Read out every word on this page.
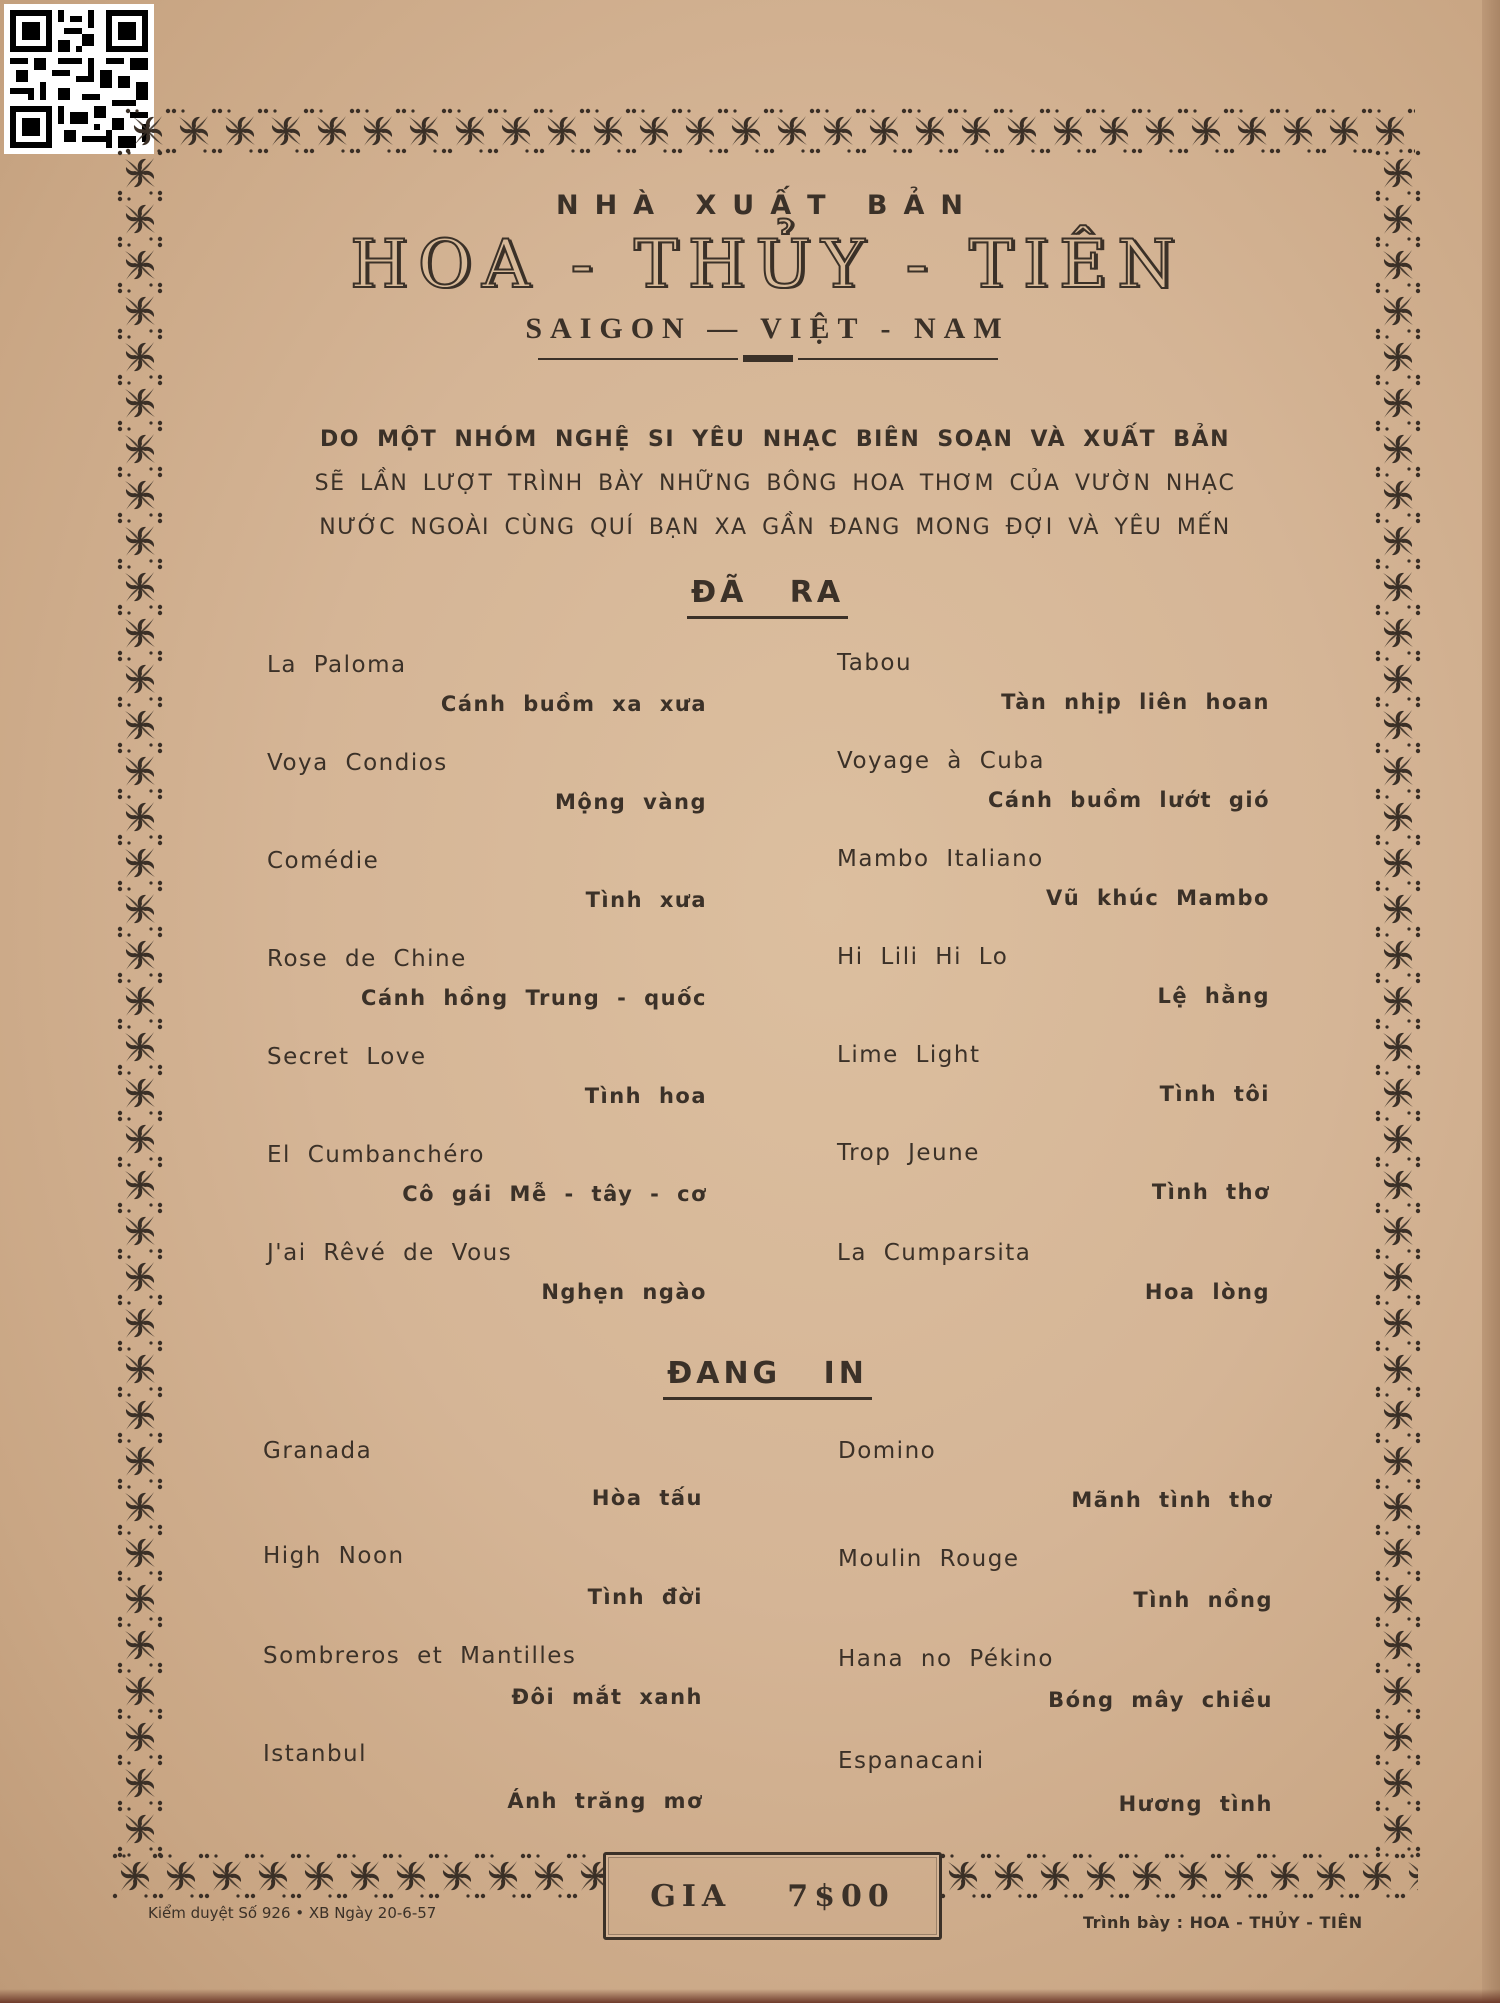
NHÀ XUẤT BẢN

HOA - THỦY - TIÊN

SAIGON — VIỆT - NAM

DO MỘT NHÓM NGHỆ SI YÊU NHẠC BIÊN SOẠN VÀ XUẤT BẢN
SẼ LẦN LƯỢT TRÌNH BÀY NHỮNG BÔNG HOA THƠM CỦA VƯỜN NHẠC
NƯỚC NGOÀI CÙNG QUÍ BẠN XA GẦN ĐANG MONG ĐỢI VÀ YÊU MẾN
ĐÃ RA
La Paloma
Cánh buồm xa xưa
Voya Condios
Mộng vàng
Comédie
Tình xưa
Rose de Chine
Cánh hồng Trung - quốc
Secret Love
Tình hoa
El Cumbanchéro
Cô gái Mễ - tây - cơ
J'ai Rêvé de Vous
Nghẹn ngào
Tabou
Tàn nhịp liên hoan
Voyage à Cuba
Cánh buồm lướt gió
Mambo Italiano
Vũ khúc Mambo
Hi Lili Hi Lo
Lệ hằng
Lime Light
Tình tôi
Trop Jeune
Tình thơ
La Cumparsita
Hoa lòng
ĐANG IN
Granada
Hòa tấu
High Noon
Tình đời
Sombreros et Mantilles
Đôi mắt xanh
Istanbul
Ánh trăng mơ
Domino
Mãnh tình thơ
Moulin Rouge
Tình nồng
Hana no Pékino
Bóng mây chiều
Espanacani
Hương tình
GIA 7$00
Kiểm duyệt Số 926 • XB Ngày 20-6-57	Trình bày : HOA - THỦY - TIÊN
